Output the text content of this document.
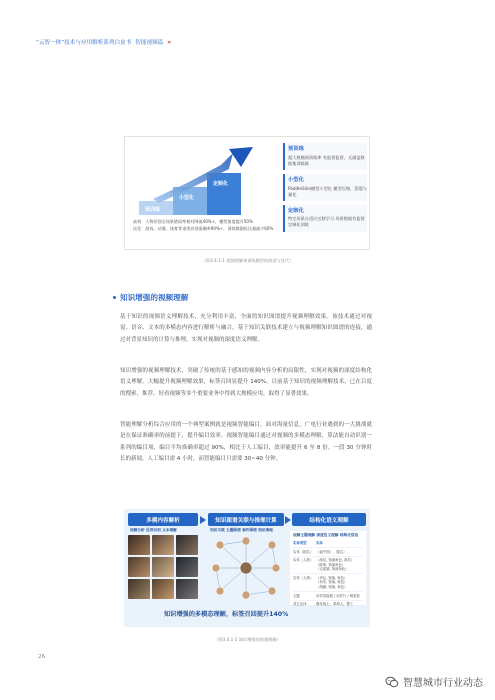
“云智一体”技术与应用解析系列白皮书 智能视频篇 »
预训练
小型化
定制化
预训练
超大规模预训练库 有监督监督，无涵盖数据集训练练
小型化
PaddleSlim模型小型化 模型压缩，蒸馏与量化
定制化
特定场景自适应迁移学习 场景数据有监督定制化训练
高效：人物识别全场景错误率相对降低40%+，模型演度提升50%
泛化：游戏、动漫、体育等垂类识别准确率90%+，训练数据标注量减少60%
（图3.4.1-1 视频理解预训练模型的演进与迭代）
知识增强的视频理解

基于知识的视频语义理解技术，充分利用丰富、全面的知识图谱提升视频理解效果。该技术通过对视觉、语音、文本的多模态内容进行解析与融合，基于知识关联技术建立与视频理解知识图谱的连接，通过对背景知识的计算与推理，实现对视频的深度语义理解。

知识增强的视频理解技术，突破了传统的基于感知的视频内容分析的局限性，实现对视频的深度结构化语义理解。大幅提升视频理解效果，标签召回显提升 140%。目前基于知识的视频理解技术，已在百度的搜索、推荐、好看视频等多个重要业务中得到大规模应用，取得了显著效果。

智能理解分析综合应用的一个典型案例就是视频智能编目。面对海量信息，广电行业遇到的一大挑战就是在保证准确率的前提下，提升编目效率。视频智能编目通过对视频的多模态理解，算法能自动识别一系列的编目项，编目平均准确率超过 90%，相比于人工编目，效率能提升 6 至 8 倍。一段 30 分钟时长的新闻，人工编目需 4 小时，而智能编目只需要 30~40 分钟。

多模内容解析	知识图谱关联与推理计算	结构化语义理解
视频分析 语音识别 文本理解	知识关联 主题图谱 事件图谱 知识推理
视频主题理解 深度语义理解 结构化信息
实体类型	实体
实体（剧名） 《福中国》、剧名）
实体（人物） （演员, 饰演角色, 演员）
（陈坤, 饰演角色）
（吉建斌, 饰演角色）
实体（人物） （李沁, 饰演, 角色）
（何安, 饰演, 角色）
（胡涵, 饰演, 角色）
主题	动作冒险剧 / 动作片 / 明星影
其它实体	继母战士、革命人、警工
知识增强的多模态理解，标签召回提升140%
（图3.4.1-2 知识增强的视频理解）
26
智慧城市行业动态
